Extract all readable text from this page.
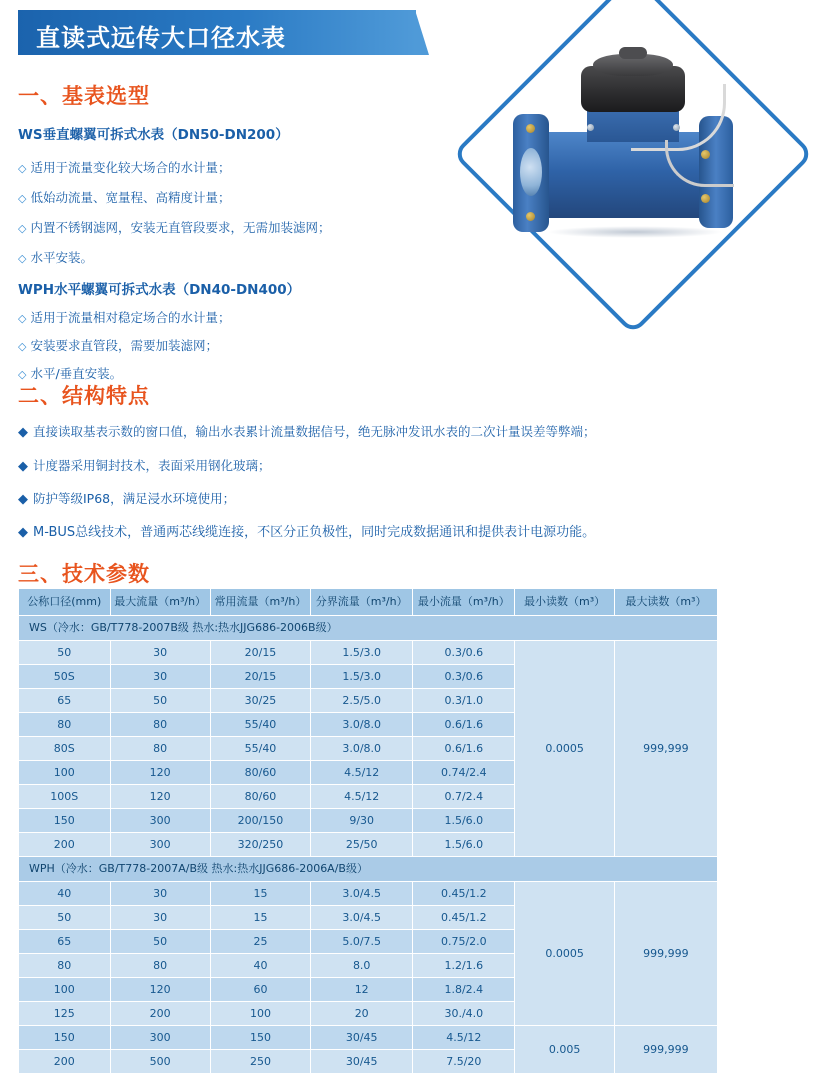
直读式远传大口径水表
一、基表选型
WS垂直螺翼可拆式水表（DN50-DN200）
◇ 适用于流量变化较大场合的水计量；
◇ 低始动流量、宽量程、高精度计量；
◇ 内置不锈钢滤网，安装无直管段要求，无需加装滤网；
◇ 水平安装。
WPH水平螺翼可拆式水表（DN40-DN400）
◇ 适用于流量相对稳定场合的水计量；
◇ 安装要求直管段，需要加装滤网；
◇ 水平/垂直安装。
二、结构特点
◆ 直接读取基表示数的窗口值，输出水表累计流量数据信号，绝无脉冲发讯水表的二次计量误差等弊端；
◆ 计度器采用铜封技术，表面采用钢化玻璃；
◆ 防护等级IP68，满足浸水环境使用；
◆ M-BUS总线技术，普通两芯线缆连接，不区分正负极性，同时完成数据通讯和提供表计电源功能。
三、技术参数
公称口径(mm)	最大流量（m³/h）	常用流量（m³/h）	分界流量（m³/h）	最小流量（m³/h）	最小读数（m³）	最大读数（m³）
WS（冷水：GB/T778-2007B级 热水:热水JJG686-2006B级）						
50	30	20/15	1.5/3.0	0.3/0.6	0.0005	999,999
50S	30	20/15	1.5/3.0	0.3/0.6		
65	50	30/25	2.5/5.0	0.3/1.0		
80	80	55/40	3.0/8.0	0.6/1.6		
80S	80	55/40	3.0/8.0	0.6/1.6		
100	120	80/60	4.5/12	0.74/2.4		
100S	120	80/60	4.5/12	0.7/2.4		
150	300	200/150	9/30	1.5/6.0		
200	300	320/250	25/50	1.5/6.0		
WPH（冷水：GB/T778-2007A/B级 热水:热水JJG686-2006A/B级）						
40	30	15	3.0/4.5	0.45/1.2	0.0005	999,999
50	30	15	3.0/4.5	0.45/1.2		
65	50	25	5.0/7.5	0.75/2.0		
80	80	40	8.0	1.2/1.6		
100	120	60	12	1.8/2.4		
125	200	100	20	30./4.0		
150	300	150	30/45	4.5/12	0.005	999,999
200	500	250	30/45	7.5/20		
